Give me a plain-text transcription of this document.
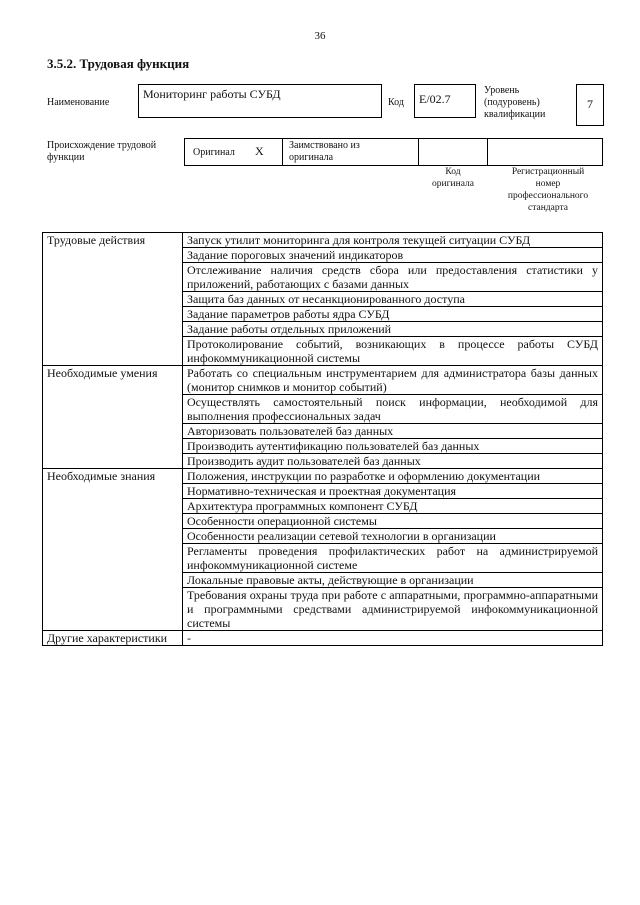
36
3.5.2. Трудовая функция
Наименование
Мониторинг работы СУБД
Код	E/02.7
Уровень
(подуровень)
квалификации
7
Происхождение трудовой
функции	Оригинал X	Заимствовано из
оригинала
Код
оригинала
Регистрационный
номер
профессионального
стандарта
Трудовые действия	Запуск утилит мониторинга для контроля текущей ситуации СУБД
	Задание пороговых значений индикаторов
	Отслеживание наличия средств сбора или предоставления статистики у приложений, работающих с базами данных
	Защита баз данных от несанкционированного доступа
	Задание параметров работы ядра СУБД
	Задание работы отдельных приложений
	Протоколирование событий, возникающих в процессе работы СУБД инфокоммуникационной системы
Необходимые умения	Работать со специальным инструментарием для администратора базы данных (монитор снимков и монитор событий)
	Осуществлять самостоятельный поиск информации, необходимой для выполнения профессиональных задач
	Авторизовать пользователей баз данных
	Производить аутентификацию пользователей баз данных
	Производить аудит пользователей баз данных
Необходимые знания	Положения, инструкции по разработке и оформлению документации
	Нормативно-техническая и проектная документация
	Архитектура программных компонент СУБД
	Особенности операционной системы
	Особенности реализации сетевой технологии в организации
	Регламенты проведения профилактических работ на администрируемой инфокоммуникационной системе
	Локальные правовые акты, действующие в организации
	Требования охраны труда при работе с аппаратными, программно-аппаратными и программными средствами администрируемой инфокоммуникационной системы
Другие характеристики	-
